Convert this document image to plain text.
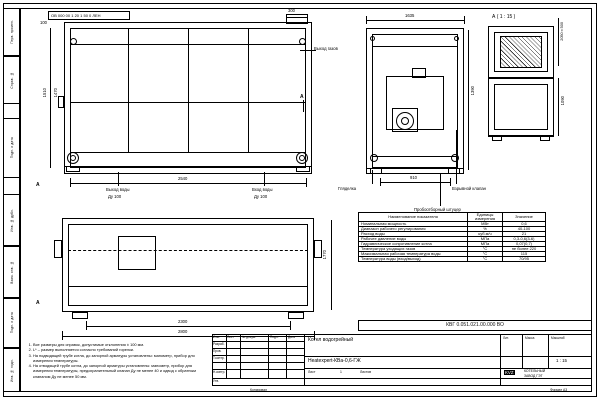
Перв. примен.
Справ. №
Подп. и дата
Инв. № дубл.
Взам. инв. №
Подп. и дата
Инв. № подл.
ОВ 000 00 1 20 1 50 0 ЛЕН
Выход газов
300
100
1510 1470
2540
Выход воды
Ду 100
Вход воды
Ду 100
А
А
2300
2800
1770
А
1635
1390
910
Гляделка	Взрывной клапан
Пробоотборный штуцер
А ( 1 : 15 )
2050±500
1090
Наименование показателя	Единицы измерения	Значение
Номинальная мощность	МВт	0,6
Диапазон рабочего регулирования	%	40-100
Расход воды	куб.м/ч	21
Рабочее давление воды	МПа	0,3-0,6(3-6)
Гидравлическое сопротивление котла	МПа	0,07(0,7)
Температура уходящих газов	°С	не более 220
Максимальная рабочая температура воды	°С	115
Температура воды (вход/выход)	°С	70/95
КВГ 0.051.021.00.000 ВО
1. Все размеры для справок, допустимые отклонения ± 100 мм.
2. L* – размер выполняется согласно требований горелки.
3. На подводящей трубе котла, до запорной арматуры установлены: манометр, прибор для измерения температуры.
4. На отводящей трубе котла, до запорной арматуры установлены: манометр, прибор для измерения температуры, предохранительный клапан Ду не менее 40 и одвод с обратным клапаном Ду не менее 50 мм.
Изм. Лист	№ докум.	Подп.	Дата
Разраб.
Пров.
Т.контр.
Н.контр.
Утв.
Котел водогрейный
Heatexpert-КВа-0,6-ГЖ
Лит.	Масса	Масштаб
1 : 15
Лист	1	Листов	KVZ	КОТЕЛЬНЫЙ
ЗАВОД ГЭТ
Копировал	Формат А3
